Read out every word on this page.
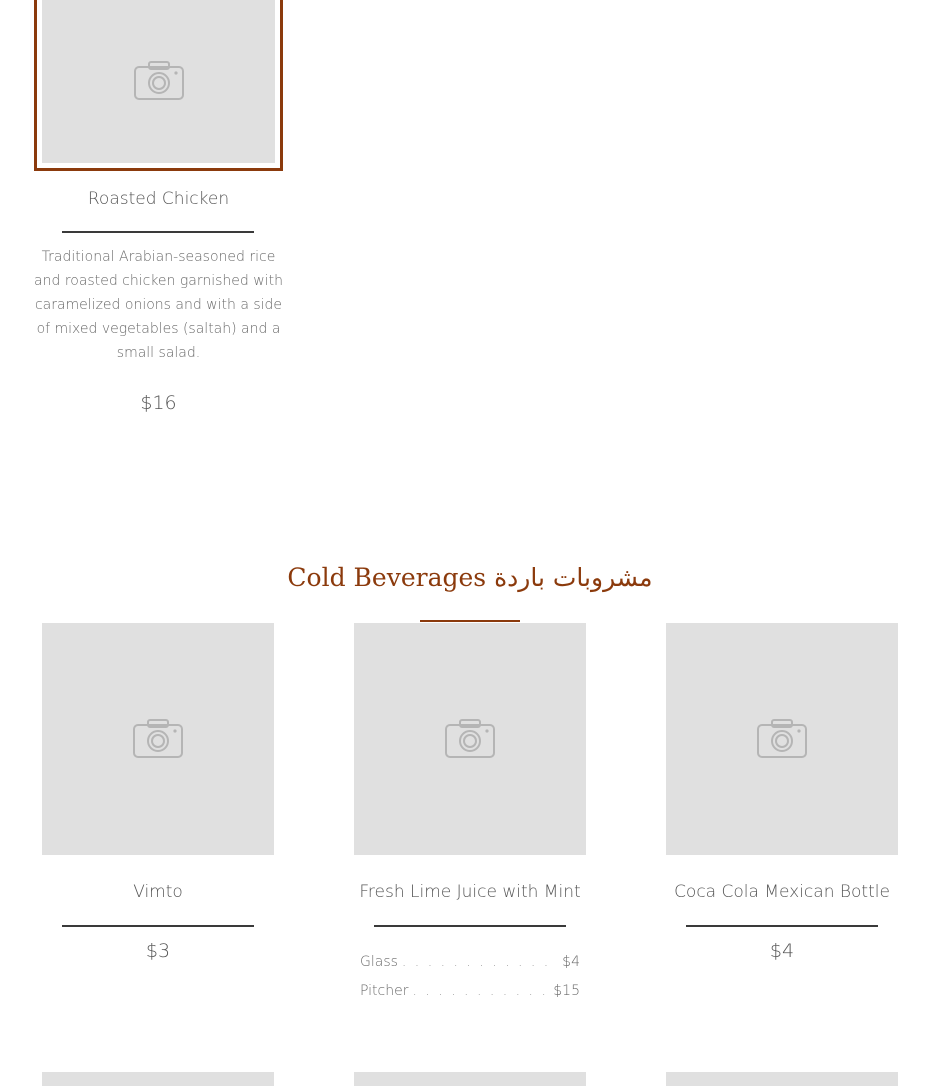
Roasted Chicken
Traditional Arabian-seasoned rice and roasted chicken garnished with caramelized onions and with a side of mixed vegetables (saltah) and a small salad.
$16
Cold Beverages مشروبات باردة
Vimto
$3
Fresh Lime Juice with Mint
Glass . . .	$4
Pitcher . . .	$15
Coca Cola Mexican Bottle
$4
